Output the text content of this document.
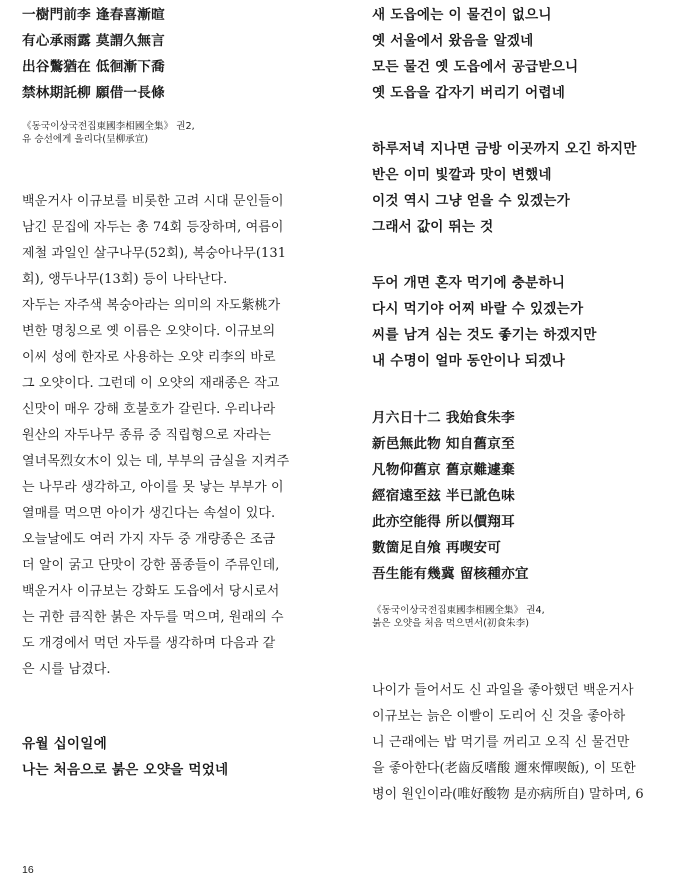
一樹門前李 逢春喜漸暄
有心承雨露 莫謂久無言
出谷鷩猶在 低徊漸下喬
禁林期託柳 願借一長條
《동국이상국전집東國李相國全集》 권2,
유 승선에게 올리다(呈柳承宣)
백운거사 이규보를 비롯한 고려 시대 문인들이
남긴 문집에 자두는 총 74회 등장하며, 여름이
제철 과일인 살구나무(52회), 복숭아나무(131
회), 앵두나무(13회) 등이 나타난다.
자두는 자주색 복숭아라는 의미의 자도紫桃가
변한 명칭으로 옛 이름은 오얏이다. 이규보의
이씨 성에 한자로 사용하는 오얏 리李의 바로
그 오얏이다. 그런데 이 오얏의 재래종은 작고
신맛이 매우 강해 호불호가 갈린다. 우리나라
원산의 자두나무 종류 중 직립형으로 자라는
열녀목烈女木이 있는 데, 부부의 금실을 지켜주
는 나무라 생각하고, 아이를 못 낳는 부부가 이
열매를 먹으면 아이가 생긴다는 속설이 있다.
오늘날에도 여러 가지 자두 중 개량종은 조금
더 알이 굵고 단맛이 강한 품종들이 주류인데,
백운거사 이규보는 강화도 도읍에서 당시로서
는 귀한 큼직한 붉은 자두를 먹으며, 원래의 수
도 개경에서 먹던 자두를 생각하며 다음과 같
은 시를 남겼다.
유월 십이일에
나는 처음으로 붉은 오얏을 먹었네
새 도읍에는 이 물건이 없으니
옛 서울에서 왔음을 알겠네
모든 물건 옛 도읍에서 공급받으니
옛 도읍을 갑자기 버리기 어렵네
하루저녁 지나면 금방 이곳까지 오긴 하지만
반은 이미 빛깔과 맛이 변했네
이것 역시 그냥 얻을 수 있겠는가
그래서 값이 뛰는 것
두어 개면 혼자 먹기에 충분하니
다시 먹기야 어찌 바랄 수 있겠는가
씨를 남겨 심는 것도 좋기는 하겠지만
내 수명이 얼마 동안이나 되겠나
月六日十二 我始食朱李
新邑無此物 知自舊京至
凡物仰舊京 舊京難遽棄
經宿遠至玆 半已訛色味
此亦空能得 所以價翔耳
數箇足自飧 再喫安可
吾生能有幾冀 留核種亦宜
《동국이상국전집東國李相國全集》 권4,
붉은 오얏을 처음 먹으면서(初食朱李)
나이가 들어서도 신 과일을 좋아했던 백운거사
이규보는 늙은 이빨이 도리어 신 것을 좋아하
니 근래에는 밥 먹기를 꺼리고 오직 신 물건만
을 좋아한다(老齒反嗜酸 邇來憚喫飯), 이 또한
병이 원인이라(唯好酸物 是亦病所自) 말하며, 6
16
